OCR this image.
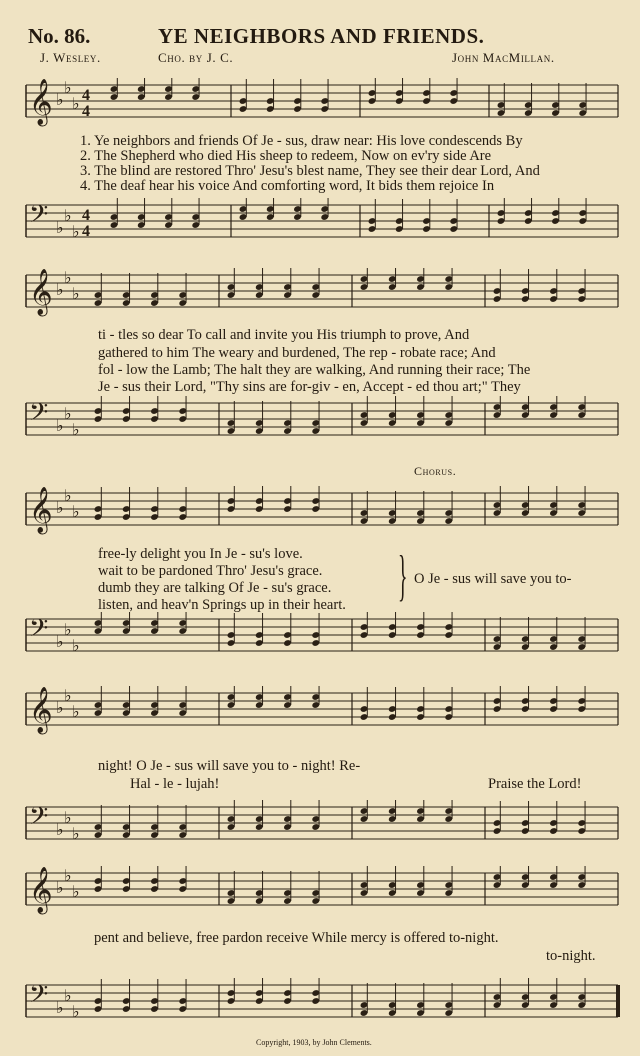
No. 86.	YE NEIGHBORS AND FRIENDS.
J. Wesley.	Cho. by J. C.	John MacMillan.
𝄞 ♭
♭
♭ 4
4
𝄢 ♭
♭
♭
4
4
𝄞 ♭
♭
♭
𝄢 ♭
♭
♭
𝄞 ♭
♭
♭
𝄢 ♭
♭
♭
𝄞 ♭
♭
♭
𝄢 ♭
♭
♭
𝄞 ♭
♭
♭
𝄢 ♭
♭
♭
1. Ye neighbors and friends Of Je - sus, draw near: His love condescends By
2. The Shepherd who died His sheep to redeem, Now on ev'ry side Are
3. The blind are restored Thro' Jesu's blest name, They see their dear Lord, And
4. The deaf hear his voice And comforting word, It bids them rejoice In
ti - tles so dear To call and invite you His triumph to prove, And
gathered to him The weary and burdened, The rep - robate race; And
fol - low the Lamb; The halt they are walking, And running their race; The
Je - sus their Lord, "Thy sins are for-giv - en, Accept - ed thou art;" They
Chorus.
free-ly delight you In Je - su's love.
wait to be pardoned Thro' Jesu's grace.
dumb they are talking Of Je - su's grace.
listen, and heav'n Springs up in their heart. } O Je - sus will save you to-
night! O Je - sus will save you to - night! Re-
Hal - le - lujah!	Praise the Lord!
pent and believe, free pardon receive While mercy is offered to-night.
to-night.
Copyright, 1903, by John Clements.
